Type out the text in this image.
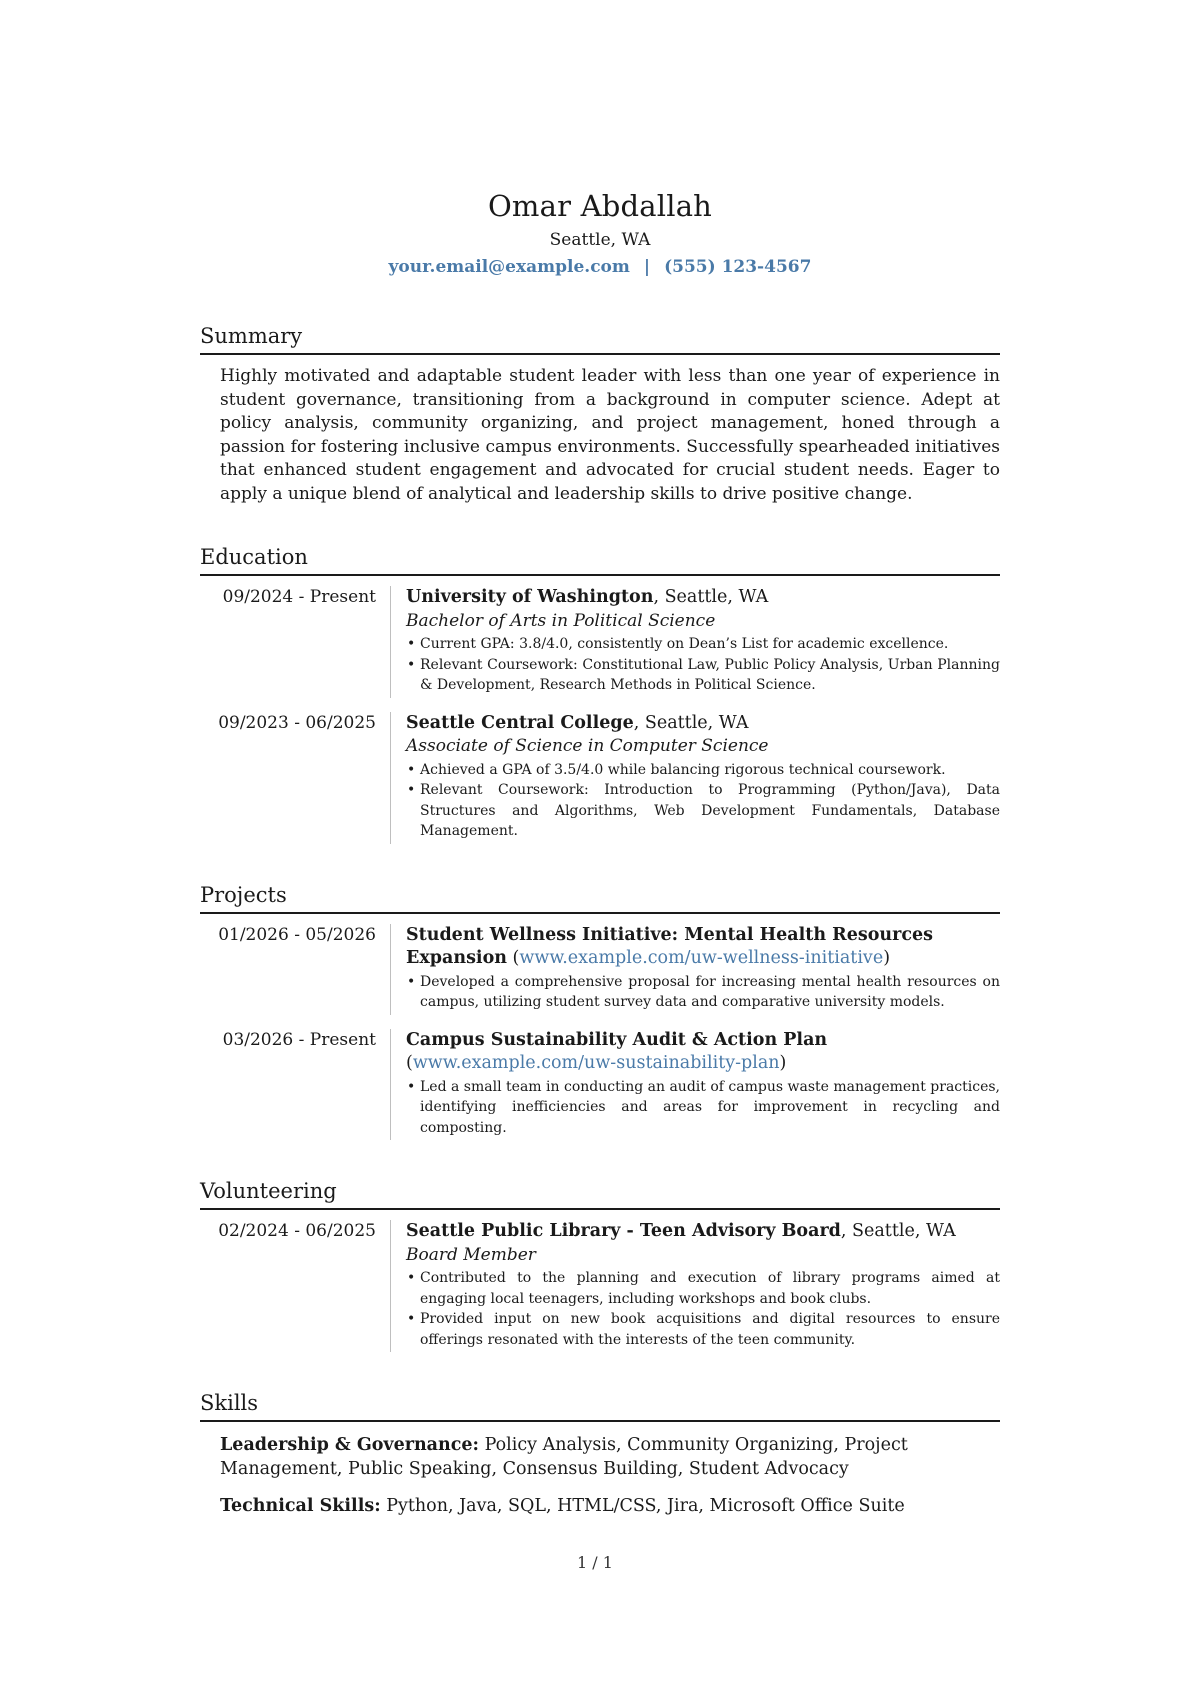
Omar Abdallah
Seattle, WA
your.email@example.com | (555) 123-4567
Summary

Highly motivated and adaptable student leader with less than one year of experience in student governance, transitioning from a background in computer science. Adept at policy analysis, community organizing, and project management, honed through a passion for fostering inclusive campus environments. Successfully spearheaded initiatives that enhanced student engagement and advocated for crucial student needs. Eager to apply a unique blend of analytical and leadership skills to drive positive change.

Education
09/2024 - Present	University of Washington, Seattle, WA
Bachelor of Arts in Political Science
• Current GPA: 3.8/4.0, consistently on Dean’s List for academic excellence.
• Relevant Coursework: Constitutional Law, Public Policy Analysis, Urban Planning & Development, Research Methods in Political Science.
09/2023 - 06/2025	Seattle Central College, Seattle, WA
Associate of Science in Computer Science
• Achieved a GPA of 3.5/4.0 while balancing rigorous technical coursework.
• Relevant Coursework: Introduction to Programming (Python/Java), Data Structures and Algorithms, Web Development Fundamentals, Database Management.
Projects
01/2026 - 05/2026	Student Wellness Initiative: Mental Health Resources Expansion (www.example.com/uw-wellness-initiative)
• Developed a comprehensive proposal for increasing mental health resources on campus, utilizing student survey data and comparative university models.
03/2026 - Present	Campus Sustainability Audit & Action Plan (www.example.com/uw-sustainability-plan)
• Led a small team in conducting an audit of campus waste management practices, identifying inefficiencies and areas for improvement in recycling and composting.
Volunteering
02/2024 - 06/2025	Seattle Public Library - Teen Advisory Board, Seattle, WA
Board Member
• Contributed to the planning and execution of library programs aimed at engaging local teenagers, including workshops and book clubs.
• Provided input on new book acquisitions and digital resources to ensure offerings resonated with the interests of the teen community.
Skills

Leadership & Governance: Policy Analysis, Community Organizing, Project Management, Public Speaking, Consensus Building, Student Advocacy

Technical Skills: Python, Java, SQL, HTML/CSS, Jira, Microsoft Office Suite

1 / 1
